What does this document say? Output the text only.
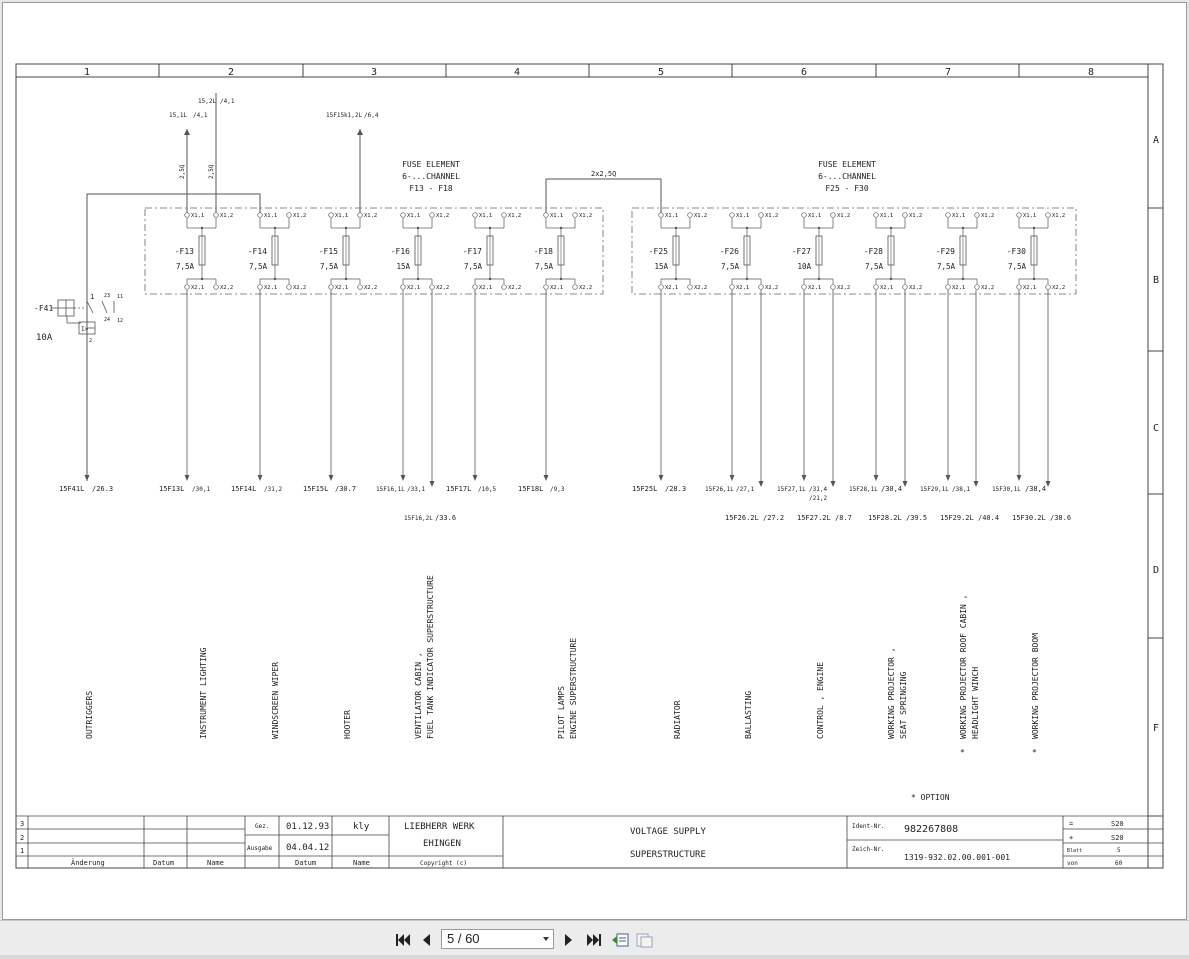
1	2	3	4	5	6	7	8
A
B
C
D
F
15,2L /4,1
15,1L /4,1	15F15k1,2L /6,4
2,5Q	2,5Q	2x2,5Q
FUSE ELEMENT
6-...CHANNEL
F13 - F18
FUSE ELEMENT
6-...CHANNEL
F25 - F30
X1,1	X1,2
X2,1	X2,2
-F13
7,5A
X1,1	X1,2
X2,1	X2,2
-F14
7,5A
X1,1	X1,2
X2,1	X2,2
-F15
7,5A
X1,1	X1,2
X2,1	X2,2
-F16
15A
X1,1	X1,2
X2,1	X2,2
-F17
7,5A
X1,1	X1,2
X2,1	X2,2
-F18
7,5A
X1,1	X1,2
X2,1	X2,2
-F25
15A
X1,1	X1,2
X2,1	X2,2
-F26
7,5A
X1,1	X1,2
X2,1	X2,2
-F27
10A
X1,1	X1,2
X2,1	X2,2
-F28
7,5A
X1,1	X1,2
X2,1	X2,2
-F29
7,5A
X1,1	X1,2
X2,1	X2,2
-F30
7,5A
-F41
10A
1 23 11
24 12
2
I>
15F41L /26.3	15F13L /30,1	15F14L /31,2	15F15L /30.7	15F16,1L /33,1	15F17L /10,5	15F18L /9,3	15F25L /28.3	15F26,1L /27,1	15F27,1L /31,4
/21,2
15F28,1L /30,4	15F29,1L /38,1	15F30,1L /38,4
15F16,2L /33.6	15F26.2L /27.2 15F27.2L /8.7 15F28.2L /39.5 15F29.2L /40.4 15F30.2L /38.6
OUTRIGGERS	INSTRUMENT LIGHTING	WINDSCREEN WIPER	HOOTER	VENTILATOR CABIN , FUEL TANK INDICATOR SUPERSTRUCTURE	PILOT LAMPS ENGINE SUPERSTRUCTURE	RADIATOR	BALLASTING	CONTROL , ENGINE	WORKING PROJECTOR , SEAT SPRINGING	WORKING PROJECTOR ROOF CABIN , HEADLIGHT WINCH	WORKING PROJECTOR BOOM
*	*
* OPTION
3
2
1
Änderung	Datum	Name
Gez. 01.12.93	kly
Ausgabe 04.04.12
Datum	Name
LIEBHERR WERK
EHINGEN
Copyright (c)
VOLTAGE SUPPLY
SUPERSTRUCTURE
Ident-Nr. 982267808
Zeich-Nr.
1319-932.02.00.001-001
=	S20
+	S20
Blatt	5
von	60
5 / 60
